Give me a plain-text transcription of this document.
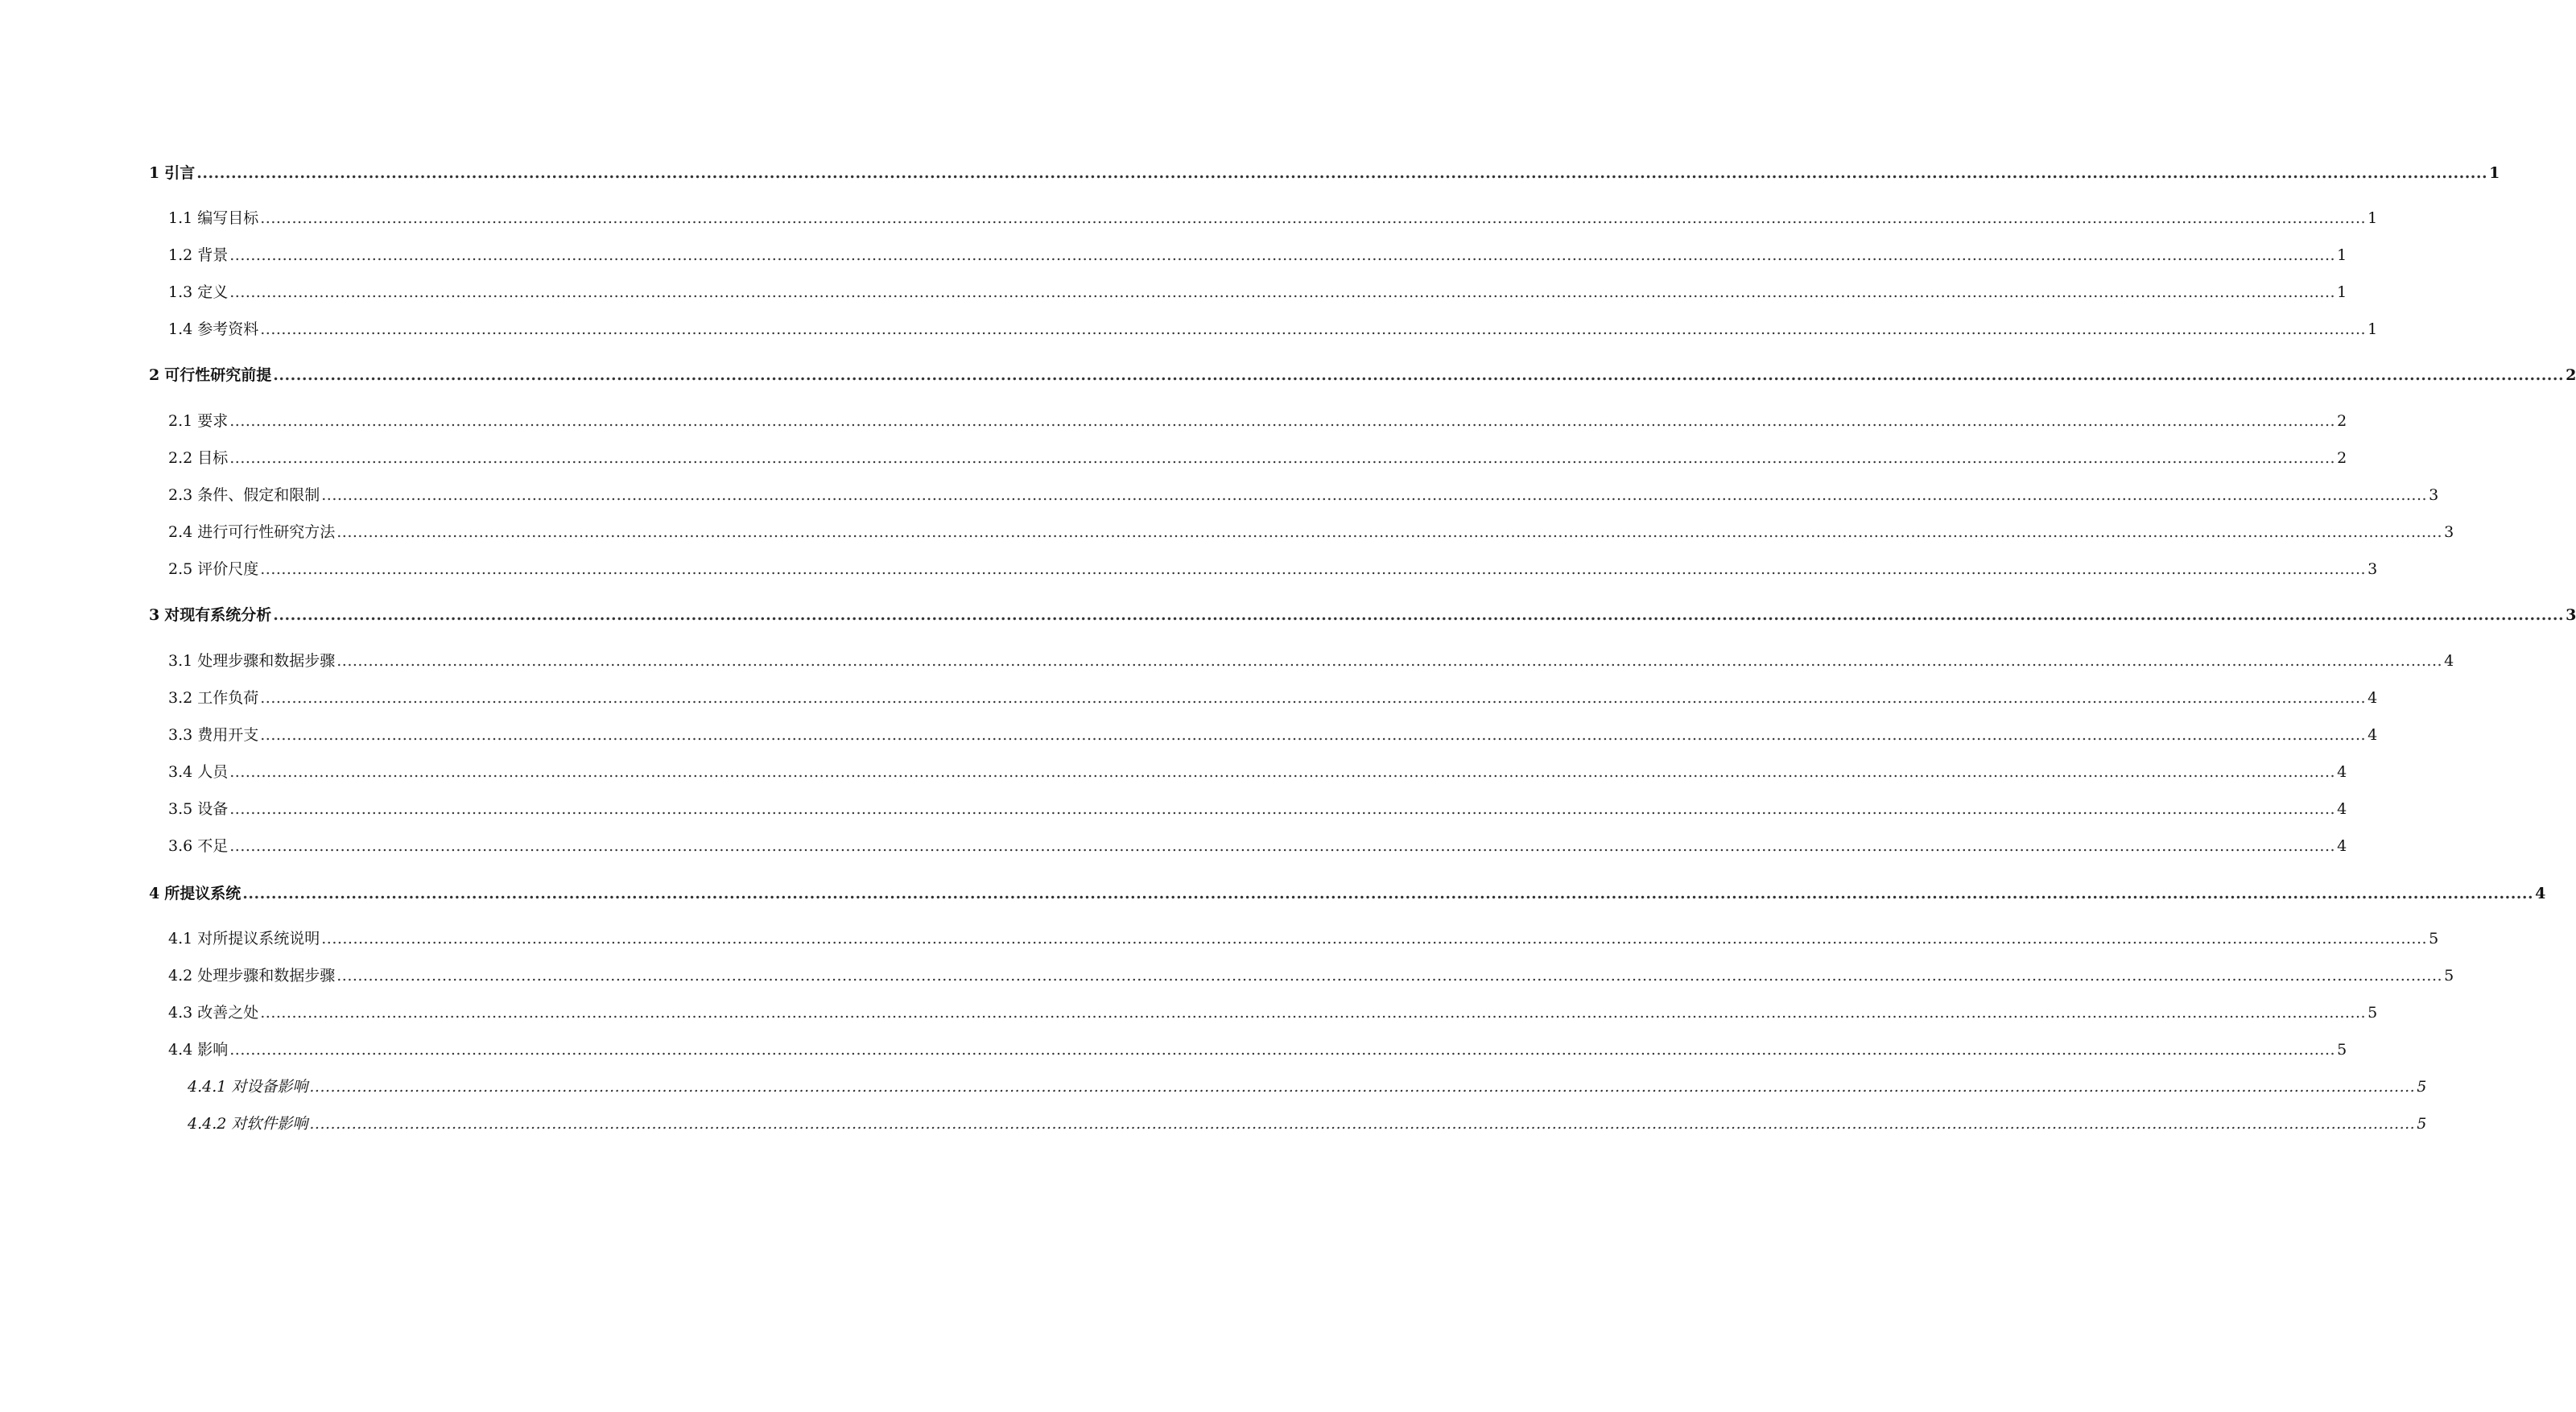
1 引言 ................................................................................................................................................................................................................................................................................................................................................................................................................ 1
1.1 编写目标 ................................................................................................................................................................................................................................................................................................................................................................................................................ 1
1.2 背景 ................................................................................................................................................................................................................................................................................................................................................................................................................ 1
1.3 定义 ................................................................................................................................................................................................................................................................................................................................................................................................................ 1
1.4 参考资料 ................................................................................................................................................................................................................................................................................................................................................................................................................ 1
2 可行性研究前提 ................................................................................................................................................................................................................................................................................................................................................................................................................ 2
2.1 要求 ................................................................................................................................................................................................................................................................................................................................................................................................................ 2
2.2 目标 ................................................................................................................................................................................................................................................................................................................................................................................................................ 2
2.3 条件、假定和限制 ................................................................................................................................................................................................................................................................................................................................................................................................................ 3
2.4 进行可行性研究方法 ................................................................................................................................................................................................................................................................................................................................................................................................................ 3
2.5 评价尺度 ................................................................................................................................................................................................................................................................................................................................................................................................................ 3
3 对现有系统分析 ................................................................................................................................................................................................................................................................................................................................................................................................................ 3
3.1 处理步骤和数据步骤 ................................................................................................................................................................................................................................................................................................................................................................................................................ 4
3.2 工作负荷 ................................................................................................................................................................................................................................................................................................................................................................................................................ 4
3.3 费用开支 ................................................................................................................................................................................................................................................................................................................................................................................................................ 4
3.4 人员 ................................................................................................................................................................................................................................................................................................................................................................................................................ 4
3.5 设备 ................................................................................................................................................................................................................................................................................................................................................................................................................ 4
3.6 不足 ................................................................................................................................................................................................................................................................................................................................................................................................................ 4
4 所提议系统 ................................................................................................................................................................................................................................................................................................................................................................................................................ 4
4.1 对所提议系统说明 ................................................................................................................................................................................................................................................................................................................................................................................................................ 5
4.2 处理步骤和数据步骤 ................................................................................................................................................................................................................................................................................................................................................................................................................ 5
4.3 改善之处 ................................................................................................................................................................................................................................................................................................................................................................................................................ 5
4.4 影响 ................................................................................................................................................................................................................................................................................................................................................................................................................ 5
4.4.1 对设备影响 ................................................................................................................................................................................................................................................................................................................................................................................................................ 5
4.4.2 对软件影响 ................................................................................................................................................................................................................................................................................................................................................................................................................ 5
